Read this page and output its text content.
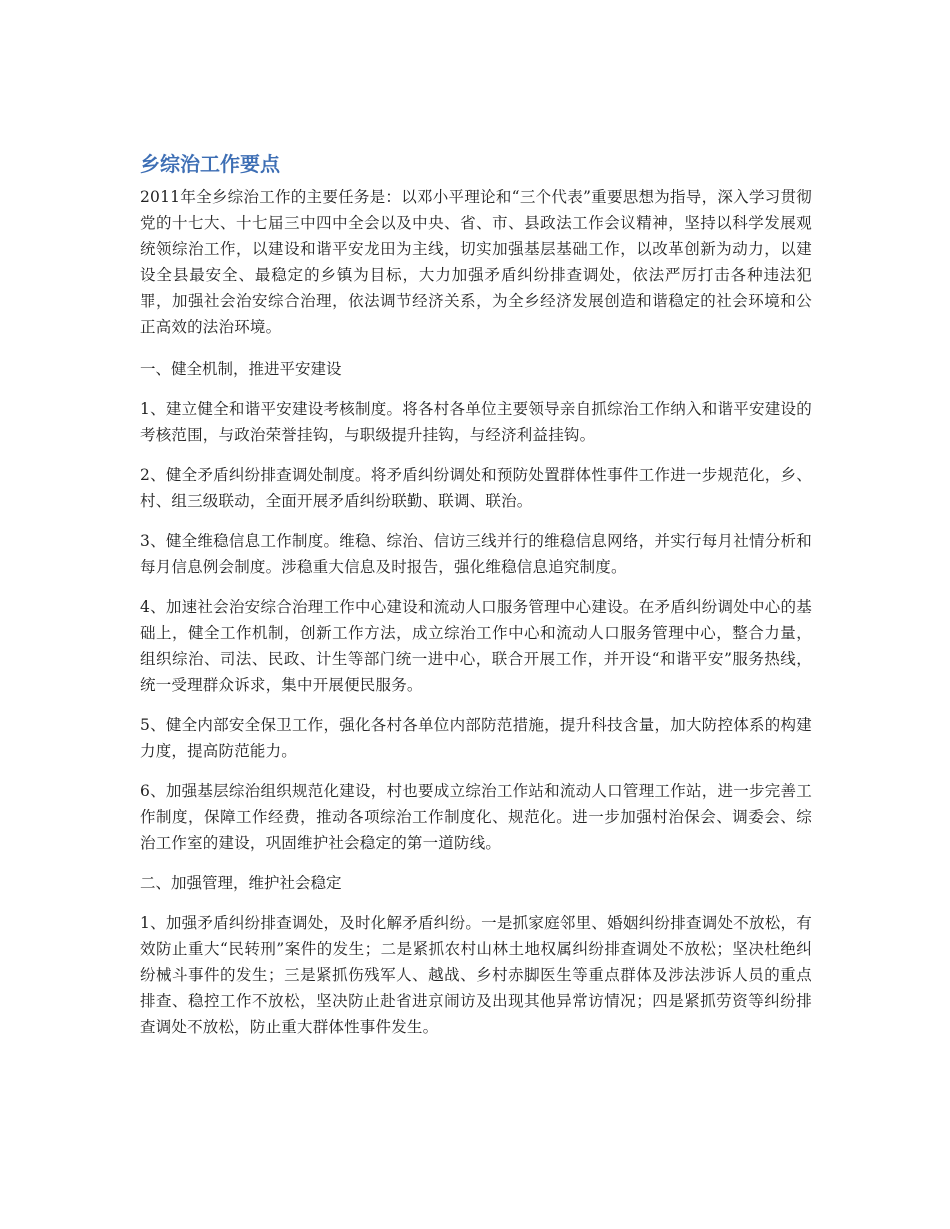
乡综治工作要点

2011年全乡综治工作的主要任务是：以邓小平理论和“三个代表”重要思想为指导，深入学习贯彻党的十七大、十七届三中四中全会以及中央、省、市、县政法工作会议精神，坚持以科学发展观统领综治工作，以建设和谐平安龙田为主线，切实加强基层基础工作，以改革创新为动力，以建设全县最安全、最稳定的乡镇为目标，大力加强矛盾纠纷排查调处，依法严厉打击各种违法犯罪，加强社会治安综合治理，依法调节经济关系，为全乡经济发展创造和谐稳定的社会环境和公正高效的法治环境。

一、健全机制，推进平安建设

1、建立健全和谐平安建设考核制度。将各村各单位主要领导亲自抓综治工作纳入和谐平安建设的考核范围，与政治荣誉挂钩，与职级提升挂钩，与经济利益挂钩。

2、健全矛盾纠纷排查调处制度。将矛盾纠纷调处和预防处置群体性事件工作进一步规范化，乡、村、组三级联动，全面开展矛盾纠纷联勤、联调、联治。

3、健全维稳信息工作制度。维稳、综治、信访三线并行的维稳信息网络，并实行每月社情分析和每月信息例会制度。涉稳重大信息及时报告，强化维稳信息追究制度。

4、加速社会治安综合治理工作中心建设和流动人口服务管理中心建设。在矛盾纠纷调处中心的基础上，健全工作机制，创新工作方法，成立综治工作中心和流动人口服务管理中心，整合力量，组织综治、司法、民政、计生等部门统一进中心，联合开展工作，并开设“和谐平安”服务热线，统一受理群众诉求，集中开展便民服务。

5、健全内部安全保卫工作，强化各村各单位内部防范措施，提升科技含量，加大防控体系的构建力度，提高防范能力。

6、加强基层综治组织规范化建设，村也要成立综治工作站和流动人口管理工作站，进一步完善工作制度，保障工作经费，推动各项综治工作制度化、规范化。进一步加强村治保会、调委会、综治工作室的建设，巩固维护社会稳定的第一道防线。

二、加强管理，维护社会稳定

1、加强矛盾纠纷排查调处，及时化解矛盾纠纷。一是抓家庭邻里、婚姻纠纷排查调处不放松，有效防止重大“民转刑”案件的发生；二是紧抓农村山林土地权属纠纷排查调处不放松；坚决杜绝纠纷械斗事件的发生；三是紧抓伤残军人、越战、乡村赤脚医生等重点群体及涉法涉诉人员的重点排查、稳控工作不放松，坚决防止赴省进京闹访及出现其他异常访情况；四是紧抓劳资等纠纷排查调处不放松，防止重大群体性事件发生。
